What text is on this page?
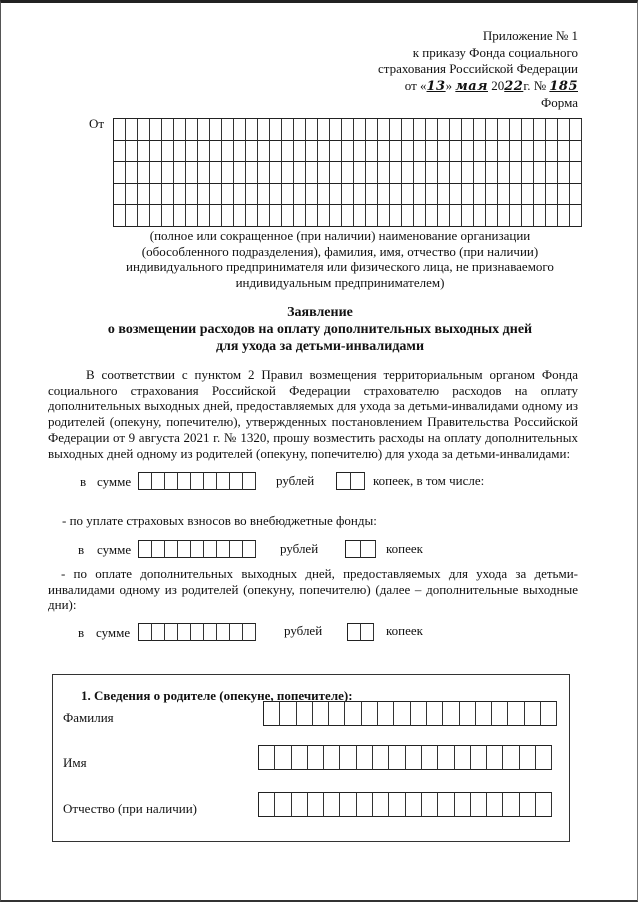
Приложение № 1
к приказу Фонда социального
страхования Российской Федерации
от «13» мая 2022г. № 185
Форма
От
(полное или сокращенное (при наличии) наименование организации
(обособленного подразделения), фамилия, имя, отчество (при наличии)
индивидуального предпринимателя или физического лица, не признаваемого
индивидуальным предпринимателем)
Заявление
о возмещении расходов на оплату дополнительных выходных дней
для ухода за детьми-инвалидами
В соответствии с пунктом 2 Правил возмещения территориальным органом Фонда социального страхования Российской Федерации страхователю расходов на оплату дополнительных выходных дней, предоставляемых для ухода за детьми-инвалидами одному из родителей (опекуну, попечителю), утвержденных постановлением Правительства Российской Федерации от 9 августа 2021 г. № 1320, прошу возместить расходы на оплату дополнительных выходных дней одному из родителей (опекуну, попечителю) для ухода за детьми-инвалидами:
в сумме	рублей	копеек, в том числе:
- по уплате страховых взносов во внебюджетные фонды:
в сумме	рублей	копеек
- по оплате дополнительных выходных дней, предоставляемых для ухода за детьми-инвалидами одному из родителей (опекуну, попечителю) (далее – дополнительные выходные дни):
в сумме	рублей	копеек
1. Сведения о родителе (опекуне, попечителе):
Фамилия
Имя
Отчество (при наличии)
